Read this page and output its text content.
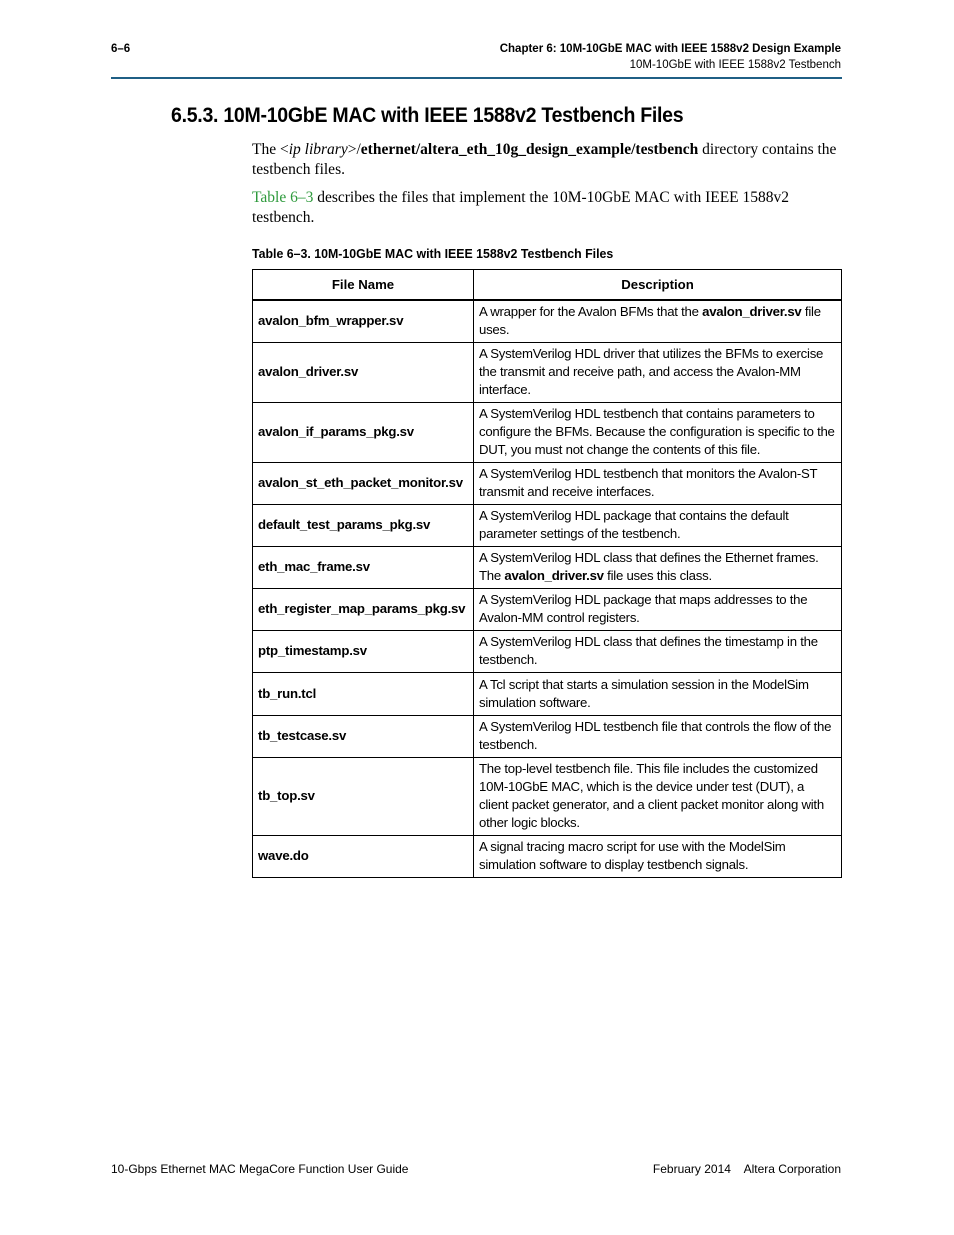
6–6	Chapter 6: 10M-10GbE MAC with IEEE 1588v2 Design Example
10M-10GbE with IEEE 1588v2 Testbench
6.5.3. 10M-10GbE MAC with IEEE 1588v2 Testbench Files

The <ip library>/ethernet/altera_eth_10g_design_example/testbench directory contains the testbench files.

Table 6–3 describes the files that implement the 10M-10GbE MAC with IEEE 1588v2 testbench.

Table 6–3. 10M-10GbE MAC with IEEE 1588v2 Testbench Files

File Name	Description
avalon_bfm_wrapper.sv	A wrapper for the Avalon BFMs that the avalon_driver.sv file uses.
avalon_driver.sv	A SystemVerilog HDL driver that utilizes the BFMs to exercise the transmit and receive path, and access the Avalon-MM interface.
avalon_if_params_pkg.sv	A SystemVerilog HDL testbench that contains parameters to configure the BFMs. Because the configuration is specific to the DUT, you must not change the contents of this file.
avalon_st_eth_packet_monitor.sv	A SystemVerilog HDL testbench that monitors the Avalon-ST transmit and receive interfaces.
default_test_params_pkg.sv	A SystemVerilog HDL package that contains the default parameter settings of the testbench.
eth_mac_frame.sv	A SystemVerilog HDL class that defines the Ethernet frames. The avalon_driver.sv file uses this class.
eth_register_map_params_pkg.sv	A SystemVerilog HDL package that maps addresses to the Avalon-MM control registers.
ptp_timestamp.sv	A SystemVerilog HDL class that defines the timestamp in the testbench.
tb_run.tcl	A Tcl script that starts a simulation session in the ModelSim simulation software.
tb_testcase.sv	A SystemVerilog HDL testbench file that controls the flow of the testbench.
tb_top.sv	The top-level testbench file. This file includes the customized 10M-10GbE MAC, which is the device under test (DUT), a client packet generator, and a client packet monitor along with other logic blocks.
wave.do	A signal tracing macro script for use with the ModelSim simulation software to display testbench signals.
10-Gbps Ethernet MAC MegaCore Function User Guide	February 2014    Altera Corporation
